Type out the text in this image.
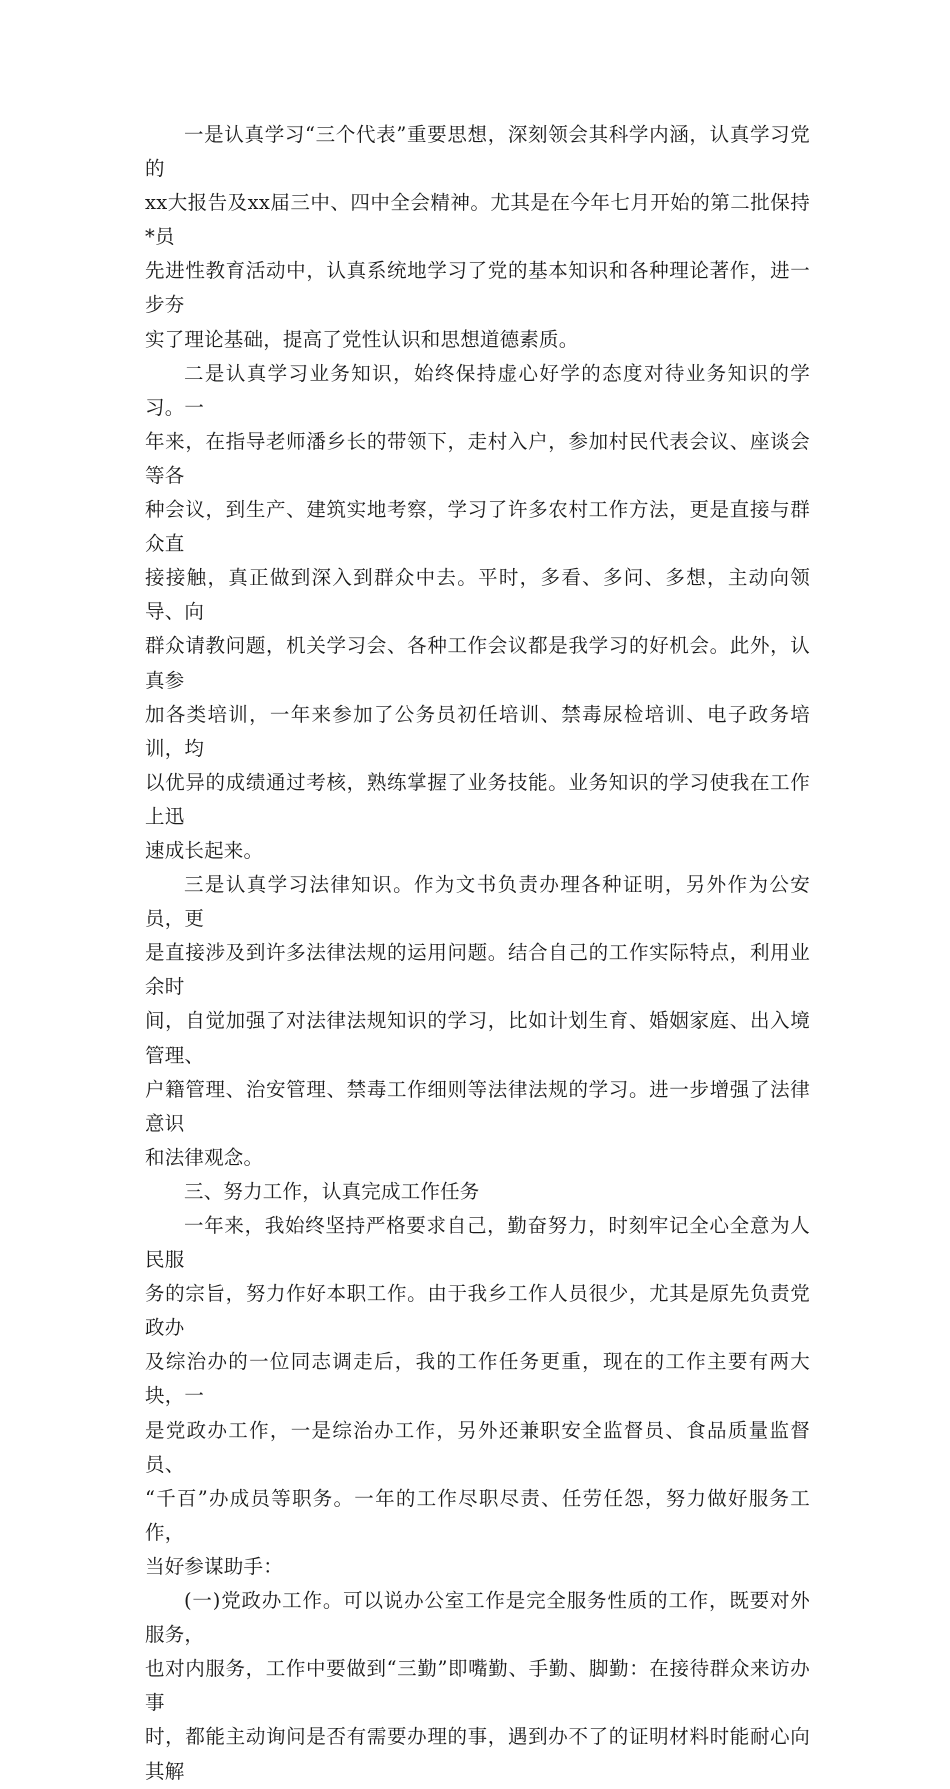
一是认真学习“三个代表”重要思想，深刻领会其科学内涵，认真学习党的
xx大报告及xx届三中、四中全会精神。尤其是在今年七月开始的第二批保持*员
先进性教育活动中，认真系统地学习了党的基本知识和各种理论著作，进一步夯
实了理论基础，提高了党性认识和思想道德素质。

二是认真学习业务知识，始终保持虚心好学的态度对待业务知识的学习。一
年来，在指导老师潘乡长的带领下，走村入户，参加村民代表会议、座谈会等各
种会议，到生产、建筑实地考察，学习了许多农村工作方法，更是直接与群众直
接接触，真正做到深入到群众中去。平时，多看、多问、多想，主动向领导、向
群众请教问题，机关学习会、各种工作会议都是我学习的好机会。此外，认真参
加各类培训，一年来参加了公务员初任培训、禁毒尿检培训、电子政务培训，均
以优异的成绩通过考核，熟练掌握了业务技能。业务知识的学习使我在工作上迅
速成长起来。

三是认真学习法律知识。作为文书负责办理各种证明，另外作为公安员，更
是直接涉及到许多法律法规的运用问题。结合自己的工作实际特点，利用业余时
间，自觉加强了对法律法规知识的学习，比如计划生育、婚姻家庭、出入境管理、
户籍管理、治安管理、禁毒工作细则等法律法规的学习。进一步增强了法律意识
和法律观念。

三、努力工作，认真完成工作任务

一年来，我始终坚持严格要求自己，勤奋努力，时刻牢记全心全意为人民服
务的宗旨，努力作好本职工作。由于我乡工作人员很少，尤其是原先负责党政办
及综治办的一位同志调走后，我的工作任务更重，现在的工作主要有两大块，一
是党政办工作，一是综治办工作，另外还兼职安全监督员、食品质量监督员、
“千百”办成员等职务。一年的工作尽职尽责、任劳任怨，努力做好服务工作，
当好参谋助手：

(一)党政办工作。可以说办公室工作是完全服务性质的工作，既要对外服务，
也对内服务，工作中要做到“三勤”即嘴勤、手勤、脚勤：在接待群众来访办事
时，都能主动询问是否有需要办理的事，遇到办不了的证明材料时能耐心向其解
